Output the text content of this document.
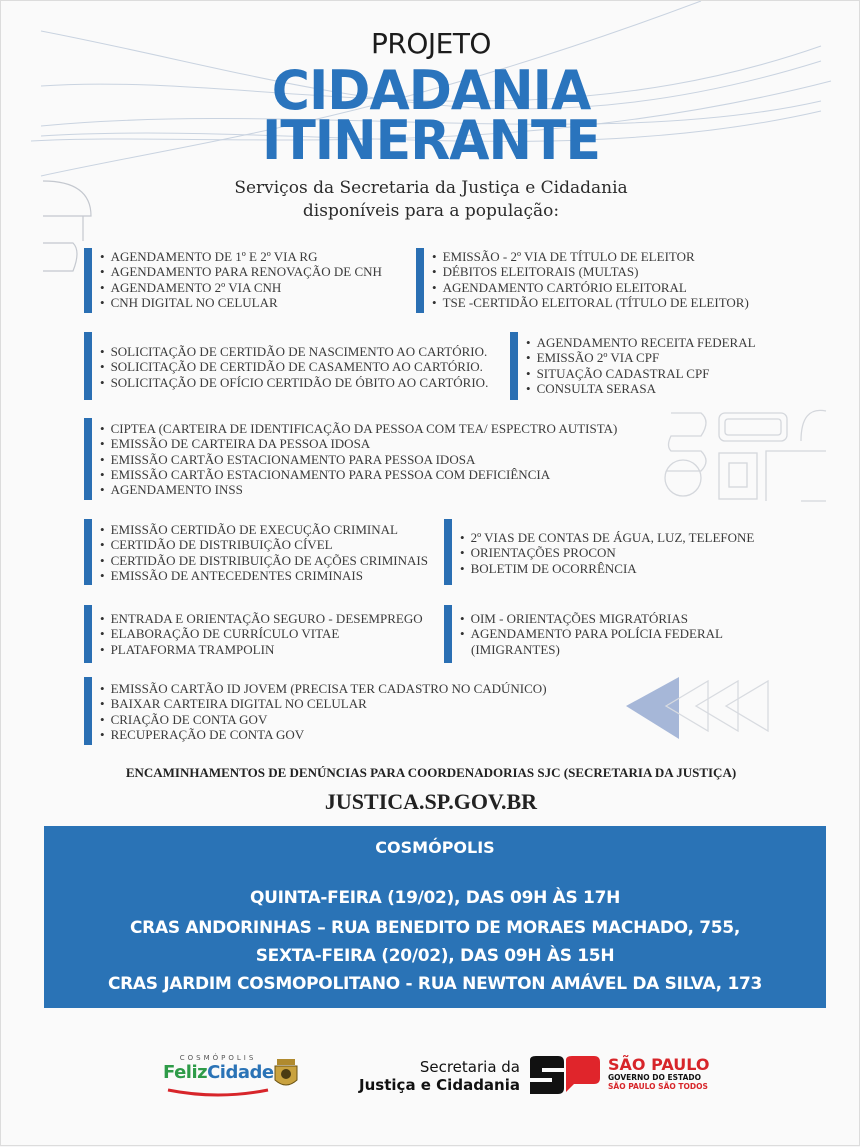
PROJETO
CIDADANIA
ITINERANTE
Serviços da Secretaria da Justiça e Cidadania
disponíveis para a população:
• AGENDAMENTO DE 1º E 2º VIA RG
• AGENDAMENTO PARA RENOVAÇÃO DE CNH
• AGENDAMENTO 2º VIA CNH
• CNH DIGITAL NO CELULAR
• EMISSÃO - 2º VIA DE TÍTULO DE ELEITOR
• DÉBITOS ELEITORAIS (MULTAS)
• AGENDAMENTO CARTÓRIO ELEITORAL
• TSE -CERTIDÃO ELEITORAL (TÍTULO DE ELEITOR)
• SOLICITAÇÃO DE CERTIDÃO DE NASCIMENTO AO CARTÓRIO.
• SOLICITAÇÃO DE CERTIDÃO DE CASAMENTO AO CARTÓRIO.
• SOLICITAÇÃO DE OFÍCIO CERTIDÃO DE ÓBITO AO CARTÓRIO.
• AGENDAMENTO RECEITA FEDERAL
• EMISSÃO 2º VIA CPF
• SITUAÇÃO CADASTRAL CPF
• CONSULTA SERASA
• CIPTEA (CARTEIRA DE IDENTIFICAÇÃO DA PESSOA COM TEA/ ESPECTRO AUTISTA)
• EMISSÃO DE CARTEIRA DA PESSOA IDOSA
• EMISSÃO CARTÃO ESTACIONAMENTO PARA PESSOA IDOSA
• EMISSÃO CARTÃO ESTACIONAMENTO PARA PESSOA COM DEFICIÊNCIA
• AGENDAMENTO INSS
• EMISSÃO CERTIDÃO DE EXECUÇÃO CRIMINAL
• CERTIDÃO DE DISTRIBUIÇÃO CÍVEL
• CERTIDÃO DE DISTRIBUIÇÃO DE AÇÕES CRIMINAIS
• EMISSÃO DE ANTECEDENTES CRIMINAIS
• 2º VIAS DE CONTAS DE ÁGUA, LUZ, TELEFONE
• ORIENTAÇÕES PROCON
• BOLETIM DE OCORRÊNCIA
• ENTRADA E ORIENTAÇÃO SEGURO - DESEMPREGO
• ELABORAÇÃO DE CURRÍCULO VITAE
• PLATAFORMA TRAMPOLIN
• OIM - ORIENTAÇÕES MIGRATÓRIAS
• AGENDAMENTO PARA POLÍCIA FEDERAL
(IMIGRANTES)
• EMISSÃO CARTÃO ID JOVEM (PRECISA TER CADASTRO NO CADÚNICO)
• BAIXAR CARTEIRA DIGITAL NO CELULAR
• CRIAÇÃO DE CONTA GOV
• RECUPERAÇÃO DE CONTA GOV
ENCAMINHAMENTOS DE DENÚNCIAS PARA COORDENADORIAS SJC (SECRETARIA DA JUSTIÇA)
JUSTICA.SP.GOV.BR
COSMÓPOLIS
QUINTA-FEIRA (19/02), DAS 09H ÀS 17H
CRAS ANDORINHAS – RUA BENEDITO DE MORAES MACHADO, 755,
SEXTA-FEIRA (20/02), DAS 09H ÀS 15H
CRAS JARDIM COSMOPOLITANO - RUA NEWTON AMÁVEL DA SILVA, 173
COSMÓPOLIS
FelizCidade	Secretaria da
Justiça e Cidadania
SÃO PAULO
GOVERNO DO ESTADO
SÃO PAULO SÃO TODOS
